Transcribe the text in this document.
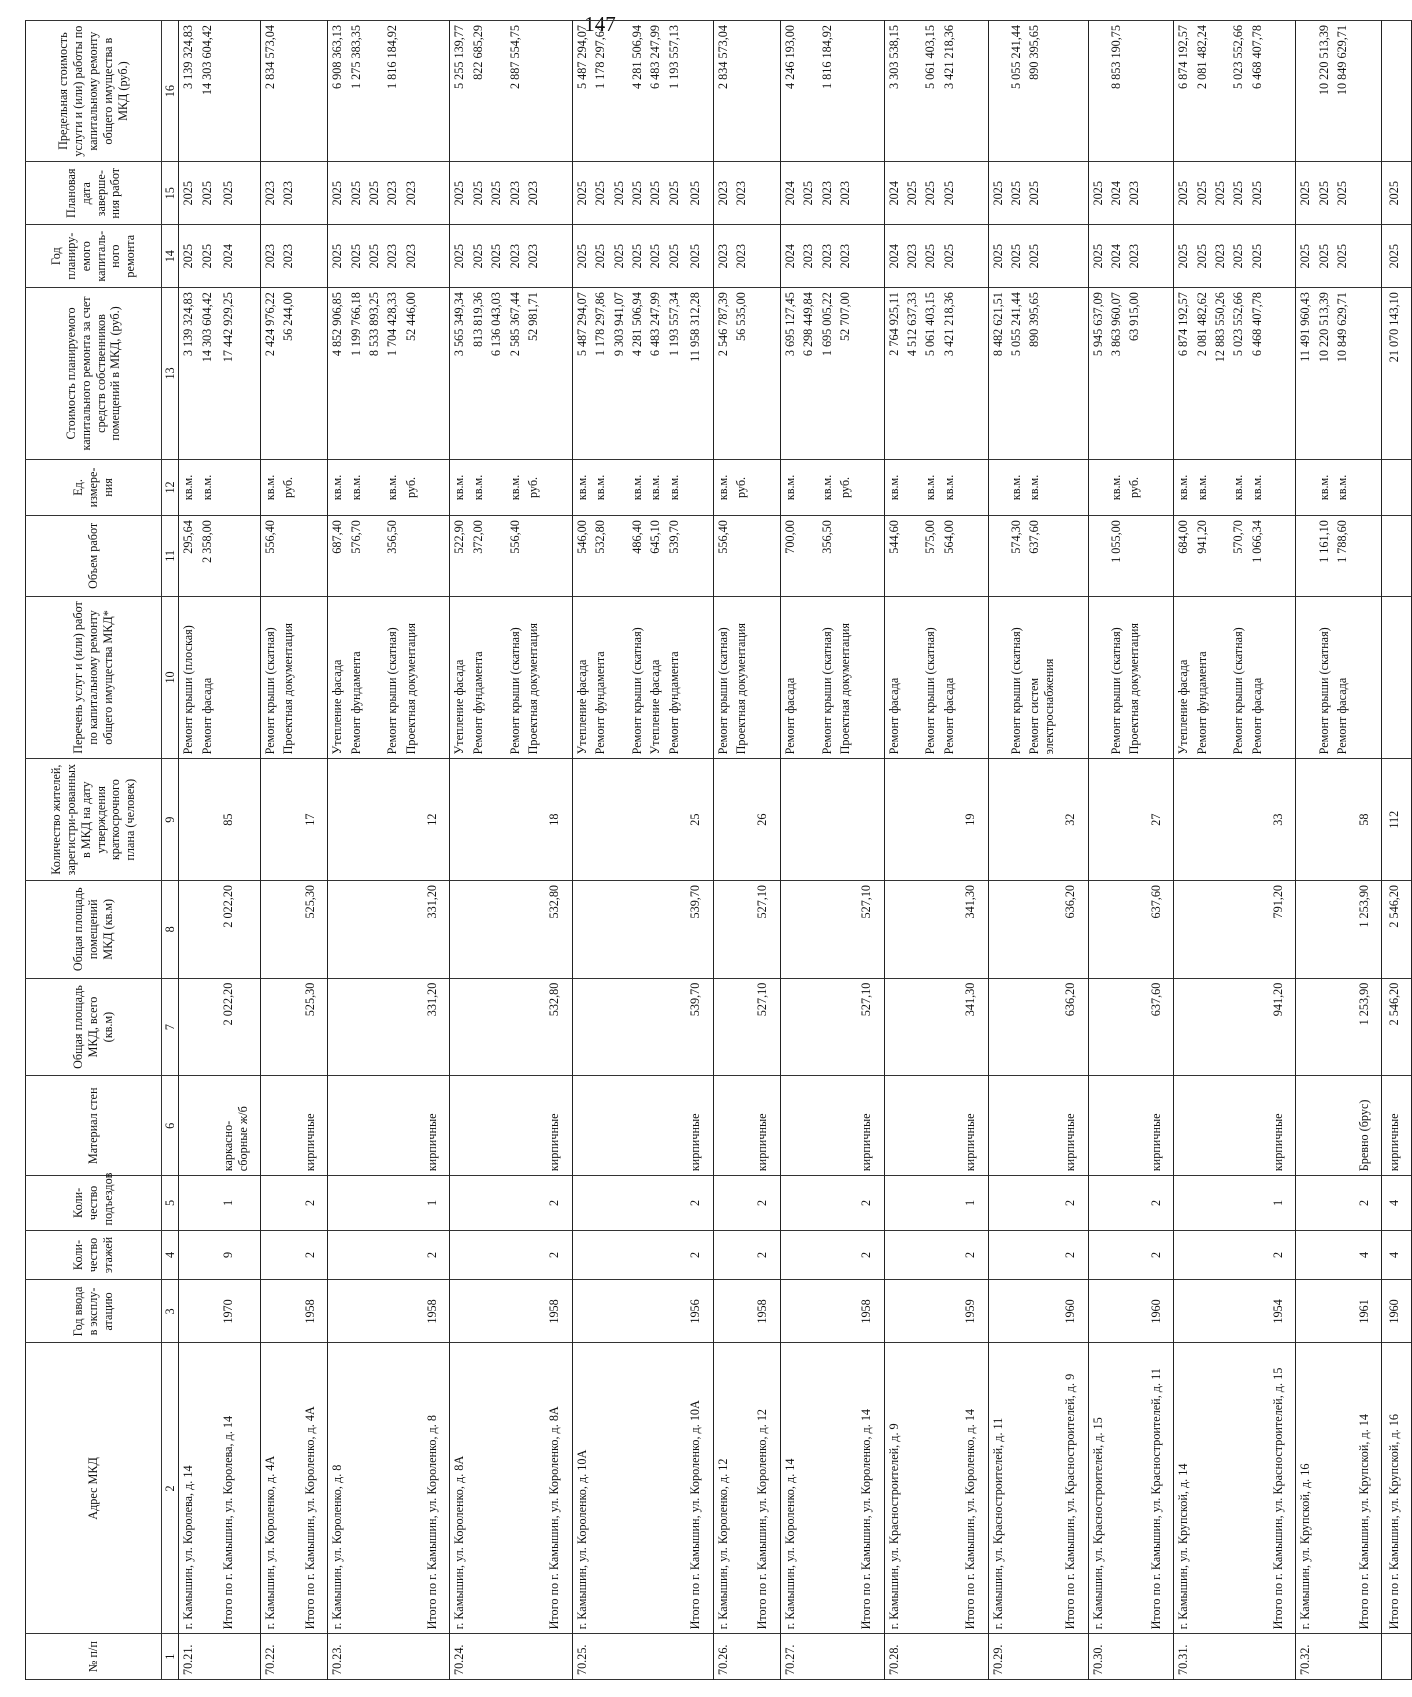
147
№ п/п	Адрес МКД	Год ввода в эксплу-атацию	Коли-чество этажей	Коли-чество подъездов	Материал стен	Общая площадь МКД, всего (кв.м)	Общая площадь помещений МКД (кв.м)	Количество жителей, зарегистри-рованных в МКД на дату утверждения краткосрочного плана (человек)	Перечень услуг и (или) работ по капитальному ремонту общего имущества МКД*	Объем работ	Ед. измере-ния	Стоимость планируемого капитального ремонта за счет средств собственников помещений в МКД, (руб.)	Год планиру-емого капиталь-ного ремонта	Плановая дата заверше-ния работ	Предельная стоимость услуги и (или) работы по капитальному ремонту общего имущества в МКД (руб.)
1	2	3	4	5	6	7	8	9	10	11	12	13	14	15	16
70.21.	г. Камышин, ул. Королева, д. 14								Ремонт крыши (плоская)	295,64	кв.м.	3 139 324,83	2025	2025	3 139 324,83
									Ремонт фасада	2 358,00	кв.м.	14 303 604,42	2025	2025	14 303 604,42
	Итого по г. Камышин, ул. Королева, д. 14	1970	9	1	каркасно-сборные ж/б	2 022,20	2 022,20	85				17 442 929,25	2024	2025	
70.22.	г. Камышин, ул. Короленко, д. 4А								Ремонт крыши (скатная)	556,40	кв.м.	2 424 976,22	2023	2023	2 834 573,04
									Проектная документация		руб.	56 244,00	2023	2023	
	Итого по г. Камышин, ул. Короленко, д. 4А	1958	2	2	кирпичные	525,30	525,30	17							
70.23.	г. Камышин, ул. Короленко, д. 8								Утепление фасада	687,40	кв.м.	4 852 906,85	2025	2025	6 908 363,13
									Ремонт фундамента	576,70	кв.м.	1 199 766,18	2025	2025	1 275 383,35
												8 533 893,25	2025	2025	
									Ремонт крыши (скатная)	356,50	кв.м.	1 704 428,33	2023	2023	1 816 184,92
									Проектная документация		руб.	52 446,00	2023	2023	
	Итого по г. Камышин, ул. Короленко, д. 8	1958	2	1	кирпичные	331,20	331,20	12							
70.24.	г. Камышин, ул. Короленко, д. 8А								Утепление фасада	522,90	кв.м.	3 565 349,34	2025	2025	5 255 139,77
									Ремонт фундамента	372,00	кв.м.	813 819,36	2025	2025	822 685,29
												6 136 043,03	2025	2025	
									Ремонт крыши (скатная)	556,40	кв.м.	2 585 367,44	2023	2023	2 887 554,75
									Проектная документация		руб.	52 981,71	2023	2023	
	Итого по г. Камышин, ул. Короленко, д. 8А	1958	2	2	кирпичные	532,80	532,80	18							
70.25.	г. Камышин, ул. Короленко, д. 10А								Утепление фасада	546,00	кв.м.	5 487 294,07	2025	2025	5 487 294,07
									Ремонт фундамента	532,80	кв.м.	1 178 297,86	2025	2025	1 178 297,64
												9 303 941,07	2025	2025	
									Ремонт крыши (скатная)	486,40	кв.м.	4 281 506,94	2025	2025	4 281 506,94
									Утепление фасада	645,10	кв.м.	6 483 247,99	2025	2025	6 483 247,99
									Ремонт фундамента	539,70	кв.м.	1 193 557,34	2025	2025	1 193 557,13
	Итого по г. Камышин, ул. Короленко, д. 10А	1956	2	2	кирпичные	539,70	539,70	25				11 958 312,28	2025	2025	
70.26.	г. Камышин, ул. Короленко, д. 12								Ремонт крыши (скатная)	556,40	кв.м.	2 546 787,39	2023	2023	2 834 573,04
									Проектная документация		руб.	56 535,00	2023	2023	
	Итого по г. Камышин, ул. Короленко, д. 12	1958	2	2	кирпичные	527,10	527,10	26							
70.27.	г. Камышин, ул. Короленко, д. 14								Ремонт фасада	700,00	кв.м.	3 695 127,45	2024	2024	4 246 193,00
												6 298 449,84	2023	2025	
									Ремонт крыши (скатная)	356,50	кв.м.	1 695 005,22	2023	2023	1 816 184,92
									Проектная документация		руб.	52 707,00	2023	2023	
	Итого по г. Камышин, ул. Короленко, д. 14	1958	2	2	кирпичные	527,10	527,10								
70.28.	г. Камышин, ул. Красностроителей, д. 9								Ремонт фасада	544,60	кв.м.	2 764 925,11	2024	2024	3 303 538,15
												4 512 637,33	2023	2025	
									Ремонт крыши (скатная)	575,00	кв.м.	5 061 403,15	2025	2025	5 061 403,15
									Ремонт фасада	564,00	кв.м.	3 421 218,36	2025	2025	3 421 218,36
	Итого по г. Камышин, ул. Короленко, д. 14	1959	2	1	кирпичные	341,30	341,30	19							
70.29.	г. Камышин, ул. Красностроителей, д. 11											8 482 621,51	2025	2025	
									Ремонт крыши (скатная)	574,30	кв.м.	5 055 241,44	2025	2025	5 055 241,44
									Ремонт систем электроснабжения	637,60	кв.м.	890 395,65	2025	2025	890 395,65
	Итого по г. Камышин, ул. Красностроителей, д. 9	1960	2	2	кирпичные	636,20	636,20	32							
70.30.	г. Камышин, ул. Красностроителей, д. 15											5 945 637,09	2025	2025	
									Ремонт крыши (скатная)	1 055,00	кв.м.	3 863 960,07	2024	2024	8 853 190,75
									Проектная документация		руб.	63 915,00	2023	2023	
	Итого по г. Камышин, ул. Красностроителей, д. 11	1960	2	2	кирпичные	637,60	637,60	27							
70.31.	г. Камышин, ул. Крупской, д. 14								Утепление фасада	684,00	кв.м.	6 874 192,57	2025	2025	6 874 192,57
									Ремонт фундамента	941,20	кв.м.	2 081 482,62	2025	2025	2 081 482,24
												12 883 550,26	2023	2025	
									Ремонт крыши (скатная)	570,70	кв.м.	5 023 552,66	2025	2025	5 023 552,66
									Ремонт фасада	1 066,34	кв.м.	6 468 407,78	2025	2025	6 468 407,78
	Итого по г. Камышин, ул. Красностроителей, д. 15	1954	2	1	кирпичные	941,20	791,20	33							
70.32.	г. Камышин, ул. Крупской, д. 16											11 491 960,43	2025	2025	
									Ремонт крыши (скатная)	1 161,10	кв.м.	10 220 513,39	2025	2025	10 220 513,39
									Ремонт фасада	1 788,60	кв.м.	10 849 629,71	2025	2025	10 849 629,71
	Итого по г. Камышин, ул. Крупской, д. 14	1961	4	2	Бревно (брус)	1 253,90	1 253,90	58							
	Итого по г. Камышин, ул. Крупской, д. 16	1960	4	4	кирпичные	2 546,20	2 546,20	112				21 070 143,10	2025	2025	
